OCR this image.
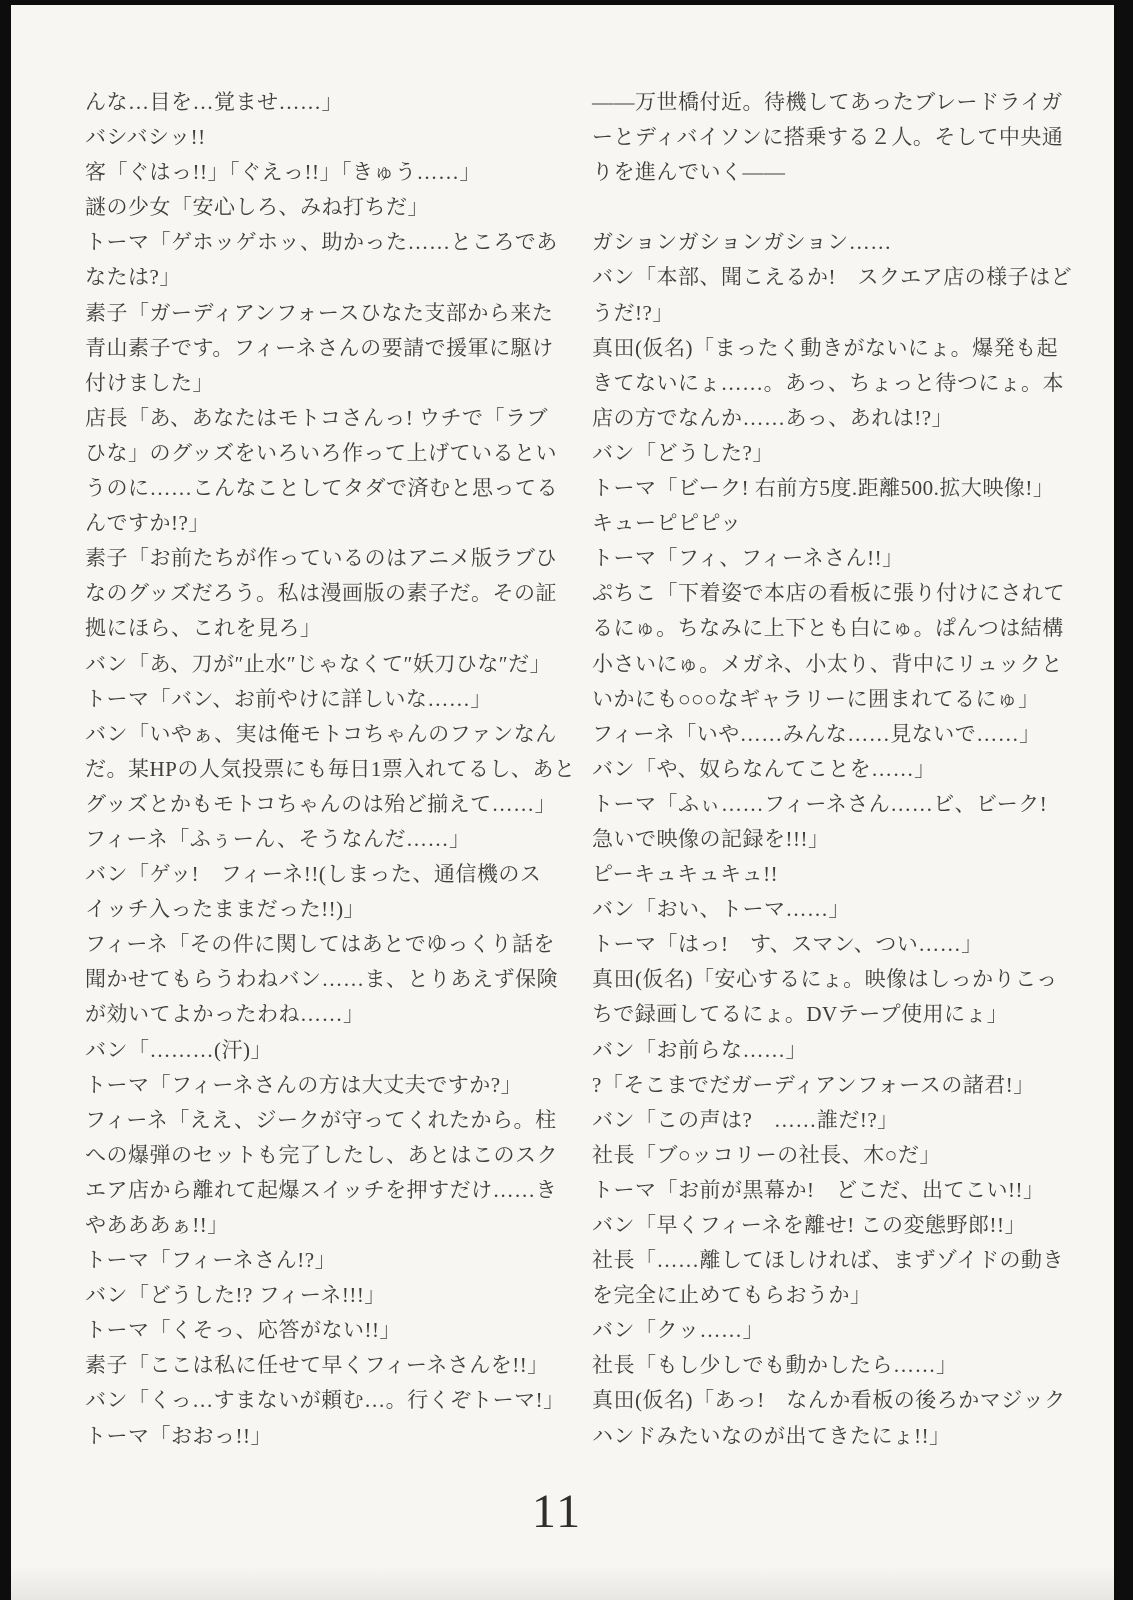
んな…目を…覚ませ……」
バシバシッ!!
客「ぐはっ!!」「ぐえっ!!」「きゅう……」
謎の少女「安心しろ、みね打ちだ」
トーマ「ゲホッゲホッ、助かった……ところであ
なたは?」
素子「ガーディアンフォースひなた支部から来た
青山素子です。フィーネさんの要請で援軍に駆け
付けました」
店長「あ、あなたはモトコさんっ! ウチで「ラブ
ひな」のグッズをいろいろ作って上げているとい
うのに……こんなことしてタダで済むと思ってる
んですか!?」
素子「お前たちが作っているのはアニメ版ラブひ
なのグッズだろう。私は漫画版の素子だ。その証
拠にほら、これを見ろ」
バン「あ、刀が″止水″じゃなくて″妖刀ひな″だ」
トーマ「バン、お前やけに詳しいな……」
バン「いやぁ、実は俺モトコちゃんのファンなん
だ。某HPの人気投票にも毎日1票入れてるし、あと
グッズとかもモトコちゃんのは殆ど揃えて……」
フィーネ「ふぅーん、そうなんだ……」
バン「ゲッ!　フィーネ!!(しまった、通信機のス
イッチ入ったままだった!!)」
フィーネ「その件に関してはあとでゆっくり話を
聞かせてもらうわねバン……ま、とりあえず保険
が効いてよかったわね……」
バン「………(汗)」
トーマ「フィーネさんの方は大丈夫ですか?」
フィーネ「ええ、ジークが守ってくれたから。柱
への爆弾のセットも完了したし、あとはこのスク
エア店から離れて起爆スイッチを押すだけ……き
やあああぁ!!」
トーマ「フィーネさん!?」
バン「どうした!? フィーネ!!!」
トーマ「くそっ、応答がない!!」
素子「ここは私に任せて早くフィーネさんを!!」
バン「くっ…すまないが頼む…。行くぞトーマ!」
トーマ「おおっ!!」
——万世橋付近。待機してあったブレードライガ
ーとディバイソンに搭乗する２人。そして中央通
りを進んでいく——

ガションガションガション……
バン「本部、聞こえるか!　スクエア店の様子はど
うだ!?」
真田(仮名)「まったく動きがないにょ。爆発も起
きてないにょ……。あっ、ちょっと待つにょ。本
店の方でなんか……あっ、あれは!?」
バン「どうした?」
トーマ「ビーク! 右前方5度.距離500.拡大映像!」
キューピピピッ
トーマ「フィ、フィーネさん!!」
ぷちこ「下着姿で本店の看板に張り付けにされて
るにゅ。ちなみに上下とも白にゅ。ぱんつは結構
小さいにゅ。メガネ、小太り、背中にリュックと
いかにも○○○なギャラリーに囲まれてるにゅ」
フィーネ「いや……みんな……見ないで……」
バン「や、奴らなんてことを……」
トーマ「ふぃ……フィーネさん……ビ、ビーク!
急いで映像の記録を!!!」
ピーキュキュキュ!!
バン「おい、トーマ……」
トーマ「はっ!　す、スマン、つい……」
真田(仮名)「安心するにょ。映像はしっかりこっ
ちで録画してるにょ。DVテープ使用にょ」
バン「お前らな……」
?「そこまでだガーディアンフォースの諸君!」
バン「この声は?　……誰だ!?」
社長「ブ○ッコリーの社長、木○だ」
トーマ「お前が黒幕か!　どこだ、出てこい!!」
バン「早くフィーネを離せ! この変態野郎!!」
社長「……離してほしければ、まずゾイドの動き
を完全に止めてもらおうか」
バン「クッ……」
社長「もし少しでも動かしたら……」
真田(仮名)「あっ!　なんか看板の後ろかマジック
ハンドみたいなのが出てきたにょ!!」
11
